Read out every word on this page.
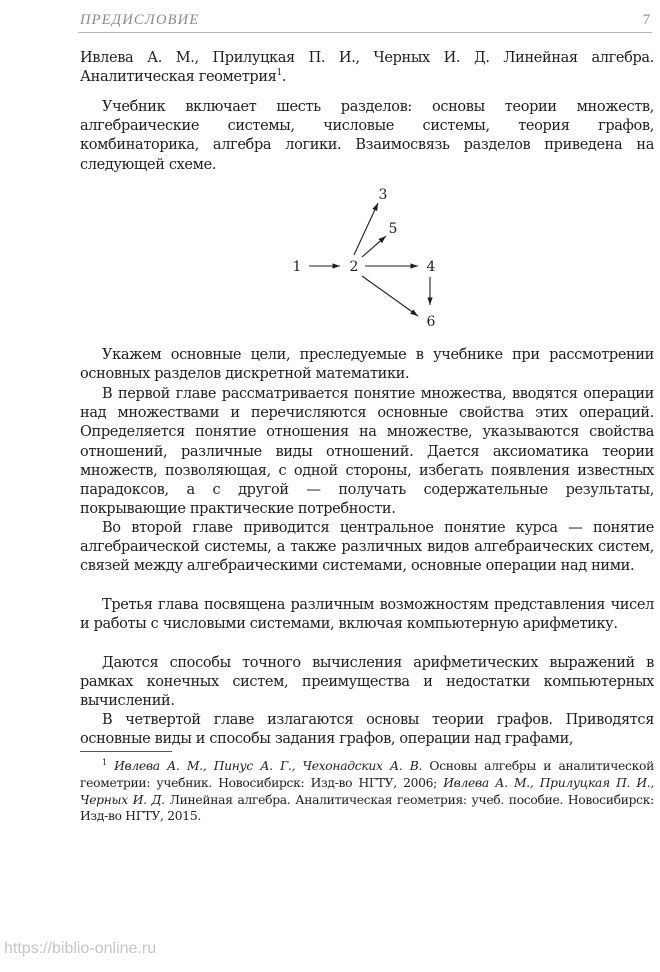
ПРЕДИСЛОВИЕ	7

Ивлева А. М., Прилуцкая П. И., Черных И. Д. Линейная алгебра. Аналитическая геометрия$^1$.

Учебник включает шесть разделов: основы теории множеств, алгебраические системы, числовые системы, теория графов, комбинаторика, алгебра логики. Взаимосвязь разделов приведена на следующей схеме.

1	2
3
4
5
6

Укажем основные цели, преследуемые в учебнике при рассмотрении основных разделов дискретной математики.

В первой главе рассматривается понятие множества, вводятся операции над множествами и перечисляются основные свойства этих операций. Определяется понятие отношения на множестве, указываются свойства отношений, различные виды отношений. Дается аксиоматика теории множеств, позволяющая, с одной стороны, избегать появления известных парадоксов, а с другой — получать содержательные результаты, покрывающие практические потребности.

Во второй главе приводится центральное понятие курса — понятие алгебраической системы, а также различных видов алгебраических систем, связей между алгебраическими системами, основные операции над ними.

Третья глава посвящена различным возможностям представления чисел и работы с числовыми системами, включая компьютерную арифметику.

Даются способы точного вычисления арифметических выражений в рамках конечных систем, преимущества и недостатки компьютерных вычислений.

В четвертой главе излагаются основы теории графов. Приводятся основные виды и способы задания графов, операции над графами,

$^1$ Ивлева А. М., Пинус А. Г., Чехонадских А. В. Основы алгебры и аналитической геометрии: учебник. Новосибирск: Изд-во НГТУ, 2006; Ивлева А. М., Прилуцкая П. И., Черных И. Д. Линейная алгебра. Аналитическая геометрия: учеб. пособие. Новосибирск: Изд-во НГТУ, 2015.

https://biblio-online.ru
